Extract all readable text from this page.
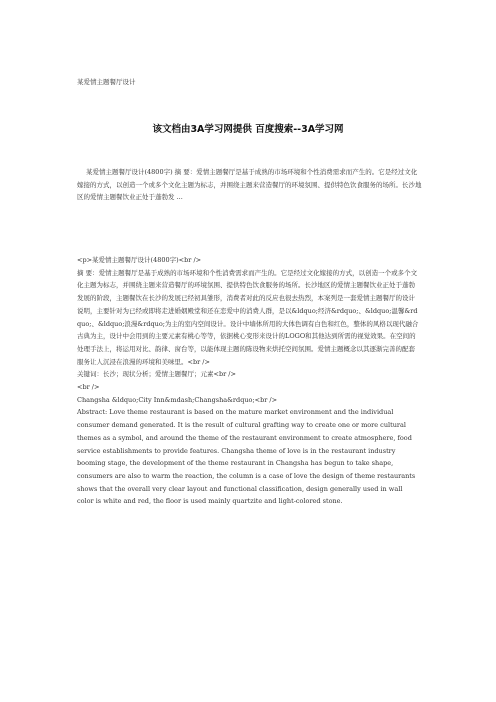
某爱情主题餐厅设计
该文档由3A学习网提供 百度搜索--3A学习网
某爱情主题餐厅设计(4800字) 摘 要：爱情主题餐厅是基于成熟的市场环境和个性消费需求而产生的。它是经过文化嫁接的方式，以创造一个或多个文化主题为标志，并围绕主题来营造餐厅的环境氛围、提供特色饮食服务的场所。长沙地区的爱情主题餐饮业正处于蓬勃发 ...

<p>某爱情主题餐厅设计(4800字)<br />

摘 要：爱情主题餐厅是基于成熟的市场环境和个性消费需求而产生的。它是经过文化嫁接的方式，以创造一个或多个文化主题为标志，并围绕主题来营造餐厅的环境氛围、提供特色饮食服务的场所。长沙地区的爱情主题餐饮业正处于蓬勃发展的阶段，主题餐饮在长沙的发展已经初具雏形，消费者对此的反应也很去热烈，本案列是一套爱情主题餐厅的设计说明，主要针对为已经或即将走进婚姻殿堂和还在恋爱中的消费人群，是以&ldquo;经济&rdquo;、&ldquo;温馨&rdquo;、&ldquo;浪漫&rdquo;为主的室内空间设计。设计中墙体所用的大体色调有白色和红色，整体的风格以现代融合古典为主，设计中会用到的主要元素有桃心等等，依据桃心变形来设计的LOGO和其他达到所需的视觉效果。在空间的处理手法上，将运用对比、韵律、窗台等，以能体现主题的陈设物来烘托空间氛围。爱情主题概念以其逐渐完善的配套服务让人沉浸在浪漫的环境和美味里。<br />

关键词：长沙；现状分析；爱情主题餐厅；元素<br />

<br />

Changsha &ldquo;City Inn&mdash;Changsha&rdquo;<br />

Abstract: Love theme restaurant is based on the mature market environment and the individual consumer demand generated. It is the result of cultural grafting way to create one or more cultural themes as a symbol, and around the theme of the restaurant environment to create atmosphere, food service establishments to provide features. Changsha theme of love is in the restaurant industry booming stage, the development of the theme restaurant in Changsha has begun to take shape, consumers are also to warm the reaction, the column is a case of love the design of theme restaurants shows that the overall very clear layout and functional classification, design generally used in wall color is white and red, the floor is used mainly quartzite and light-colored stone.
